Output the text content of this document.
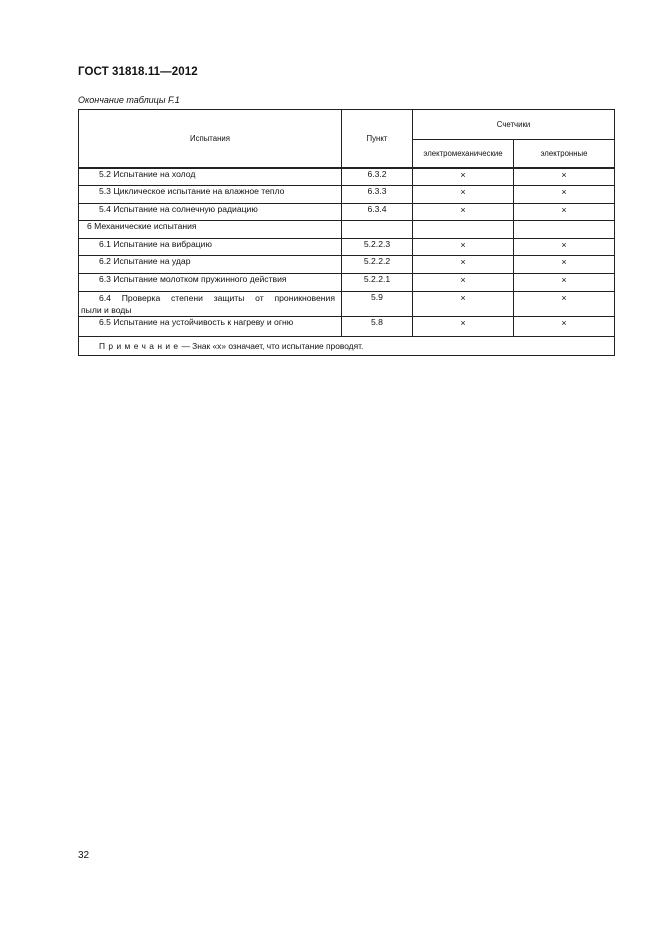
ГОСТ 31818.11—2012
Окончание таблицы F.1
Испытания	Пункт	Счетчики	
		электромеханические	электронные
5.2 Испытание на холод	6.3.2	×	×
5.3 Циклическое испытание на влажное тепло	6.3.3	×	×
5.4 Испытание на солнечную радиацию	6.3.4	×	×
6 Механические испытания			
6.1 Испытание на вибрацию	5.2.2.3	×	×
6.2 Испытание на удар	5.2.2.2	×	×
6.3 Испытание молотком пружинного действия	5.2.2.1	×	×

6.4 Проверка степени защиты от проникновения
пыли и воды	5.9	×	×
6.5 Испытание на устойчивость к нагреву и огню	5.8	×	×
Примечание— Знак «х» означает, что испытание проводят.			
32
